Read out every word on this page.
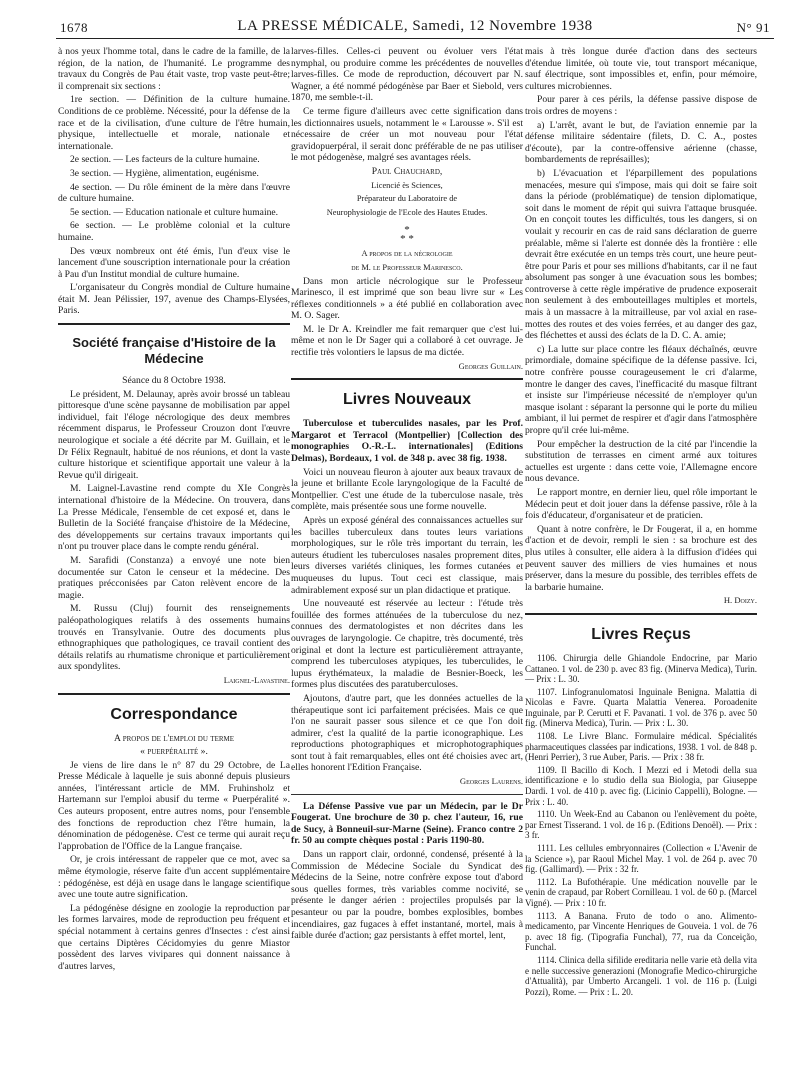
1678	LA PRESSE MÉDICALE, Samedi, 12 Novembre 1938	N° 91

à nos yeux l'homme total, dans le cadre de la famille, de la région, de la nation, de l'humanité. Le programme des travaux du Congrès de Pau était vaste, trop vaste peut-être; il comprenait six sections :

1re section. — Définition de la culture humaine. Conditions de ce problème. Nécessité, pour la défense de la race et de la civilisation, d'une culture de l'être humain, physique, intellectuelle et morale, nationale et internationale.

2e section. — Les facteurs de la culture humaine.

3e section. — Hygiène, alimentation, eugénisme.

4e section. — Du rôle éminent de la mère dans l'œuvre de culture humaine.

5e section. — Education nationale et culture humaine.

6e section. — Le problème colonial et la culture humaine.

Des vœux nombreux ont été émis, l'un d'eux vise le lancement d'une souscription internationale pour la création à Pau d'un Institut mondial de culture humaine.

L'organisateur du Congrès mondial de Culture humaine était M. Jean Pélissier, 197, avenue des Champs-Elysées, Paris.

Société française d'Histoire de la Médecine

Séance du 8 Octobre 1938.

Le président, M. Delaunay, après avoir brossé un tableau pittoresque d'une scène paysanne de mobilisation par appel individuel, fait l'éloge nécrologique des deux membres récemment disparus, le Professeur Crouzon dont l'œuvre neurologique et sociale a été décrite par M. Guillain, et le Dr Félix Regnault, habitué de nos réunions, et dont la vaste culture historique et scientifique apportait une valeur à la Revue qu'il dirigeait.

M. Laignel-Lavastine rend compte du XIe Congrès international d'histoire de la Médecine. On trouvera, dans La Presse Médicale, l'ensemble de cet exposé et, dans le Bulletin de la Société française d'histoire de la Médecine, des développements sur certains travaux importants qui n'ont pu trouver place dans le compte rendu général.

M. Sarafidi (Constanza) a envoyé une note bien documentée sur Caton le censeur et la médecine. Des pratiques précconisées par Caton relèvent encore de la magie.

M. Russu (Cluj) fournit des renseignements paléopathologiques relatifs à des ossements humains trouvés en Transylvanie. Outre des documents plus ethnographiques que pathologiques, ce travail contient des détails relatifs au rhumatisme chronique et particulièrement aux spondylites.

Laignel-Lavastine.
Correspondance

A propos de l'emploi du terme

« puerpéralité ».

Je viens de lire dans le n° 87 du 29 Octobre, de La Presse Médicale à laquelle je suis abonné depuis plusieurs années, l'intéressant article de MM. Fruhinsholz et Hartemann sur l'emploi abusif du terme « Puerpéralité ». Ces auteurs proposent, entre autres noms, pour l'ensemble des fonctions de reproduction chez l'être humain, la dénomination de pédogenèse. C'est ce terme qui aurait reçu l'approbation de l'Office de la Langue française.

Or, je crois intéressant de rappeler que ce mot, avec sa même étymologie, réserve faite d'un accent supplémentaire : pédogénèse, est déjà en usage dans le langage scientifique avec une toute autre signification.

La pédogénèse désigne en zoologie la reproduction par les formes larvaires, mode de reproduction peu fréquent et spécial notamment à certains genres d'Insectes : c'est ainsi que certains Diptères Cécidomyies du genre Miastor possèdent des larves vivipares qui donnent naissance à d'autres larves,

larves-filles. Celles-ci peuvent ou évoluer vers l'état nymphal, ou produire comme les précédentes de nouvelles larves-filles. Ce mode de reproduction, découvert par N. Wagner, a été nommé pédogénèse par Baer et Siebold, vers 1870, me semble-t-il.

Ce terme figure d'ailleurs avec cette signification dans les dictionnaires usuels, notamment le « Larousse ». S'il est nécessaire de créer un mot nouveau pour l'état gravidopuerpéral, il serait donc préférable de ne pas utiliser le mot pédogenèse, malgré ses avantages réels.

Paul Chauchard,

Licencié ès Sciences,

Préparateur du Laboratoire de

Neurophysiologie de l'Ecole des Hautes Etudes.

*
* *

A propos de la nécrologie

de M. le Professeur Marinesco.

Dans mon article nécrologique sur le Professeur Marinesco, il est imprimé que son beau livre sur « Les réflexes conditionnels » a été publié en collaboration avec M. O. Sager.

M. le Dr A. Kreindler me fait remarquer que c'est lui-même et non le Dr Sager qui a collaboré à cet ouvrage. Je rectifie très volontiers le lapsus de ma dictée.

Georges Guillain.
Livres Nouveaux

Tuberculose et tuberculides nasales, par les Prof. Margarot et Terracol (Montpellier) [Collection des monographies O.-R.-L. internationales] (Editions Delmas), Bordeaux, 1 vol. de 348 p. avec 38 fig. 1938.

Voici un nouveau fleuron à ajouter aux beaux travaux de la jeune et brillante Ecole laryngologique de la Faculté de Montpellier. C'est une étude de la tuberculose nasale, très complète, mais présentée sous une forme nouvelle.

Après un exposé général des connaissances actuelles sur les bacilles tuberculeux dans toutes leurs variations morphologiques, sur le rôle très important du terrain, les auteurs étudient les tuberculoses nasales proprement dites, leurs diverses variétés cliniques, les formes cutanées et muqueuses du lupus. Tout ceci est classique, mais admirablement exposé sur un plan didactique et pratique.

Une nouveauté est réservée au lecteur : l'étude très fouillée des formes atténuées de la tuberculose du nez, connues des dermatologistes et non décrites dans les ouvrages de laryngologie. Ce chapitre, très documenté, très original et dont la lecture est particulièrement attrayante, comprend les tuberculoses atypiques, les tuberculides, le lupus érythémateux, la maladie de Besnier-Boeck, les formes plus discutées des paratuberculoses.

Ajoutons, d'autre part, que les données actuelles de la thérapeutique sont ici parfaitement précisées. Mais ce que l'on ne saurait passer sous silence et ce que l'on doit admirer, c'est la qualité de la partie iconographique. Les reproductions photographiques et microphotographiques sont tout à fait remarquables, elles ont été choisies avec art, elles honorent l'Edition Française.

Georges Laurens.

La Défense Passive vue par un Médecin, par le Dr Fougerat. Une brochure de 30 p. chez l'auteur, 16, rue de Sucy, à Bonneuil-sur-Marne (Seine). Franco contre 2 fr. 50 au compte chèques postal : Paris 1190-80.

Dans un rapport clair, ordonné, condensé, présenté à la Commission de Médecine Sociale du Syndicat des Médecins de la Seine, notre confrère expose tout d'abord sous quelles formes, très variables comme nocivité, se présente le danger aérien : projectiles propulsés par la pesanteur ou par la poudre, bombes explosibles, bombes incendiaires, gaz fugaces à effet instantané, mortel, mais à faible durée d'action; gaz persistants à effet mortel, lent,

mais à très longue durée d'action dans des secteurs d'étendue limitée, où toute vie, tout transport mécanique, sauf électrique, sont impossibles et, enfin, pour mémoire, cultures microbiennes.

Pour parer à ces périls, la défense passive dispose de trois ordres de moyens :

a) L'arrêt, avant le but, de l'aviation ennemie par la défense militaire sédentaire (filets, D. C. A., postes d'écoute), par la contre-offensive aérienne (chasse, bombardements de représailles);

b) L'évacuation et l'éparpillement des populations menacées, mesure qui s'impose, mais qui doit se faire soit dans la période (problématique) de tension diplomatique, soit dans le moment de répit qui suivra l'attaque brusquée. On en conçoit toutes les difficultés, tous les dangers, si on voulait y recourir en cas de raid sans déclaration de guerre préalable, même si l'alerte est donnée dès la frontière : elle devrait être exécutée en un temps très court, une heure peut-être pour Paris et pour ses millions d'habitants, car il ne faut absolument pas songer à une évacuation sous les bombes; controverse à cette règle impérative de prudence exposerait non seulement à des embouteillages multiples et mortels, mais à un massacre à la mitrailleuse, par vol axial en rase-mottes des routes et des voies ferrées, et au danger des gaz, des fléchettes et aussi des éclats de la D. C. A. amie;

c) La lutte sur place contre les fléaux déchaînés, œuvre primordiale, domaine spécifique de la défense passive. Ici, notre confrère pousse courageusement le cri d'alarme, montre le danger des caves, l'inefficacité du masque filtrant et insiste sur l'impérieuse nécessité de n'employer qu'un masque isolant : séparant la personne qui le porte du milieu ambiant, il lui permet de respirer et d'agir dans l'atmosphère propre qu'il crée lui-même.

Pour empêcher la destruction de la cité par l'incendie la substitution de terrasses en ciment armé aux toitures actuelles est urgente : dans cette voie, l'Allemagne encore nous devance.

Le rapport montre, en dernier lieu, quel rôle important le Médecin peut et doit jouer dans la défense passive, rôle à la fois d'éducateur, d'organisateur et de praticien.

Quant à notre confrère, le Dr Fougerat, il a, en homme d'action et de devoir, rempli le sien : sa brochure est des plus utiles à consulter, elle aidera à la diffusion d'idées qui peuvent sauver des milliers de vies humaines et nous préserver, dans la mesure du possible, des terribles effets de la barbarie humaine.

H. Doizy.
Livres Reçus

1106. Chirurgia delle Ghiandole Endocrine, par Mario Cattaneo. 1 vol. de 230 p. avec 83 fig. (Minerva Medica), Turin. — Prix : L. 30.

1107. Linfogranulomatosi Inguinale Benigna. Malattia di Nicolas e Favre. Quarta Malattia Venerea. Poroadenite Inguinale, par P. Cerutti et F. Pavanati. 1 vol. de 376 p. avec 50 fig. (Minerva Medica), Turin. — Prix : L. 30.

1108. Le Livre Blanc. Formulaire médical. Spécialités pharmaceutiques classées par indications, 1938. 1 vol. de 848 p. (Henri Perrier), 3 rue Auber, Paris. — Prix : 38 fr.

1109. Il Bacillo di Koch. I Mezzi ed i Metodi della sua identificazione e lo studio della sua Biologia, par Giuseppe Dardi. 1 vol. de 410 p. avec fig. (Licinio Cappelli), Bologne. — Prix : L. 40.

1110. Un Week-End au Cabanon ou l'enlèvement du poète, par Ernest Tisserand. 1 vol. de 16 p. (Editions Denoël). — Prix : 3 fr.

1111. Les cellules embryonnaires (Collection « L'Avenir de la Science »), par Raoul Michel May. 1 vol. de 264 p. avec 70 fig. (Gallimard). — Prix : 32 fr.

1112. La Bufothérapie. Une médication nouvelle par le venin de crapaud, par Robert Cornilleau. 1 vol. de 60 p. (Marcel Vigné). — Prix : 10 fr.

1113. A Banana. Fruto de todo o ano. Alimento-medicamento, par Vincente Henriques de Gouveia. 1 vol. de 76 p. avec 18 fig. (Tipografia Funchal), 77, rua da Conceição, Funchal.

1114. Clinica della sifilide ereditaria nelle varie età della vita e nelle successive generazioni (Monografie Medico-chirurgiche d'Attualità), par Umberto Arcangeli. 1 vol. de 116 p. (Luigi Pozzi), Rome. — Prix : L. 20.
